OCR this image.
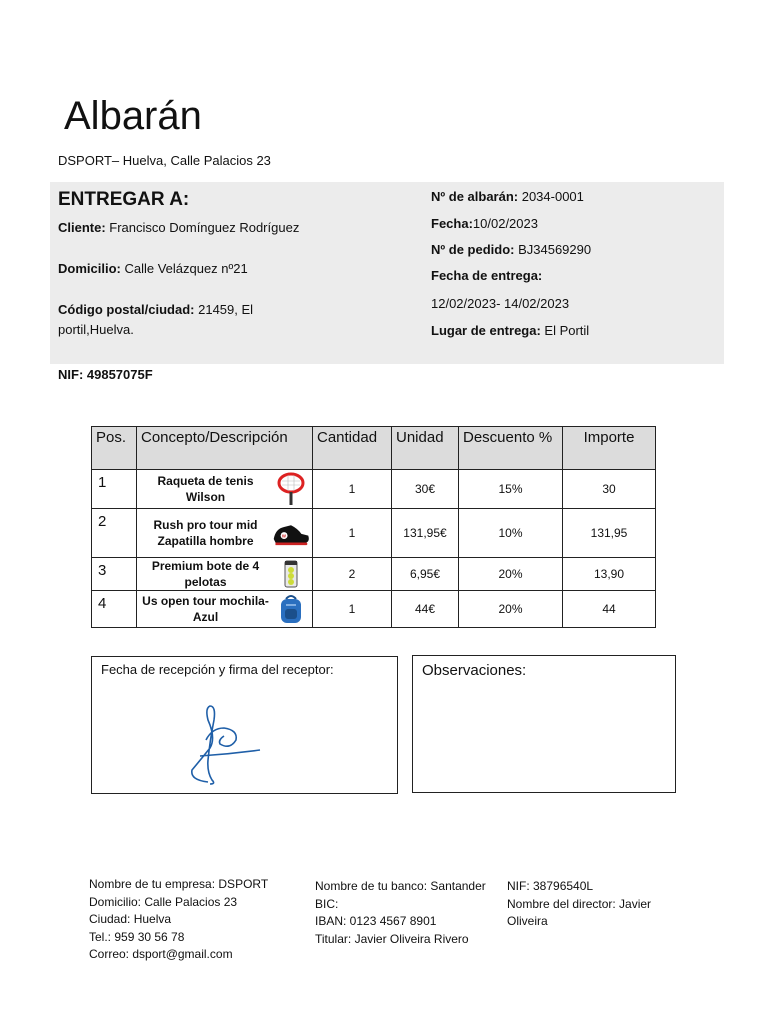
Albarán
DSPORT– Huelva, Calle Palacios 23
ENTREGAR A:
Cliente: Francisco Domínguez Rodríguez
Domicilio: Calle Velázquez nº21
Código postal/ciudad: 21459, El
portil,Huelva.
Nº de albarán: 2034-0001
Fecha:10/02/2023
Nº de pedido: BJ34569290
Fecha de entrega:
12/02/2023- 14/02/2023
Lugar de entrega: El Portil
NIF: 49857075F
Pos.	Concepto/Descripción	Cantidad	Unidad	Descuento %	Importe
1	Raqueta de tenis Wilson	1	30€	15%	30
2	Rush pro tour mid Zapatilla hombre W	1	131,95€	10%	131,95
3	Premium bote de 4 pelotas	2	6,95€	20%	13,90
4	Us open tour mochila-Azul	1	44€	20%	44
Fecha de recepción y firma del receptor:	Observaciones:
Nombre de tu empresa: DSPORT
Domicilio: Calle Palacios 23
Ciudad: Huelva
Tel.: 959 30 56 78
Correo: dsport@gmail.com
Nombre de tu banco: Santander
BIC:
IBAN: 0123 4567 8901
Titular: Javier Oliveira Rivero
NIF: 38796540L
Nombre del director: Javier
Oliveira
